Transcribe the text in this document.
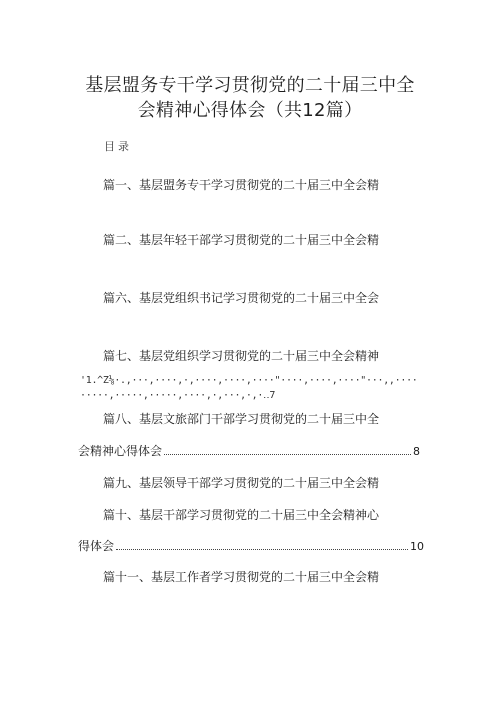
基层盟务专干学习贯彻党的二十届三中全
会精神心得体会（共12篇）
目录
篇一、基层盟务专干学习贯彻党的二十届三中全会精
篇二、基层年轻干部学习贯彻党的二十届三中全会精
篇六、基层党组织书记学习贯彻党的二十届三中全会
篇七、基层党组织学习贯彻党的二十届三中全会精神
'1.^Z⅛·.,···,····,·,····,····,····"····,····,····"···,,····
·····,·····,·····,····,·,···,·,·‥7
篇八、基层文旅部门干部学习贯彻党的二十届三中全
会精神心得体会	8
篇九、基层领导干部学习贯彻党的二十届三中全会精
篇十、基层干部学习贯彻党的二十届三中全会精神心
得体会	10
篇十一、基层工作者学习贯彻党的二十届三中全会精
